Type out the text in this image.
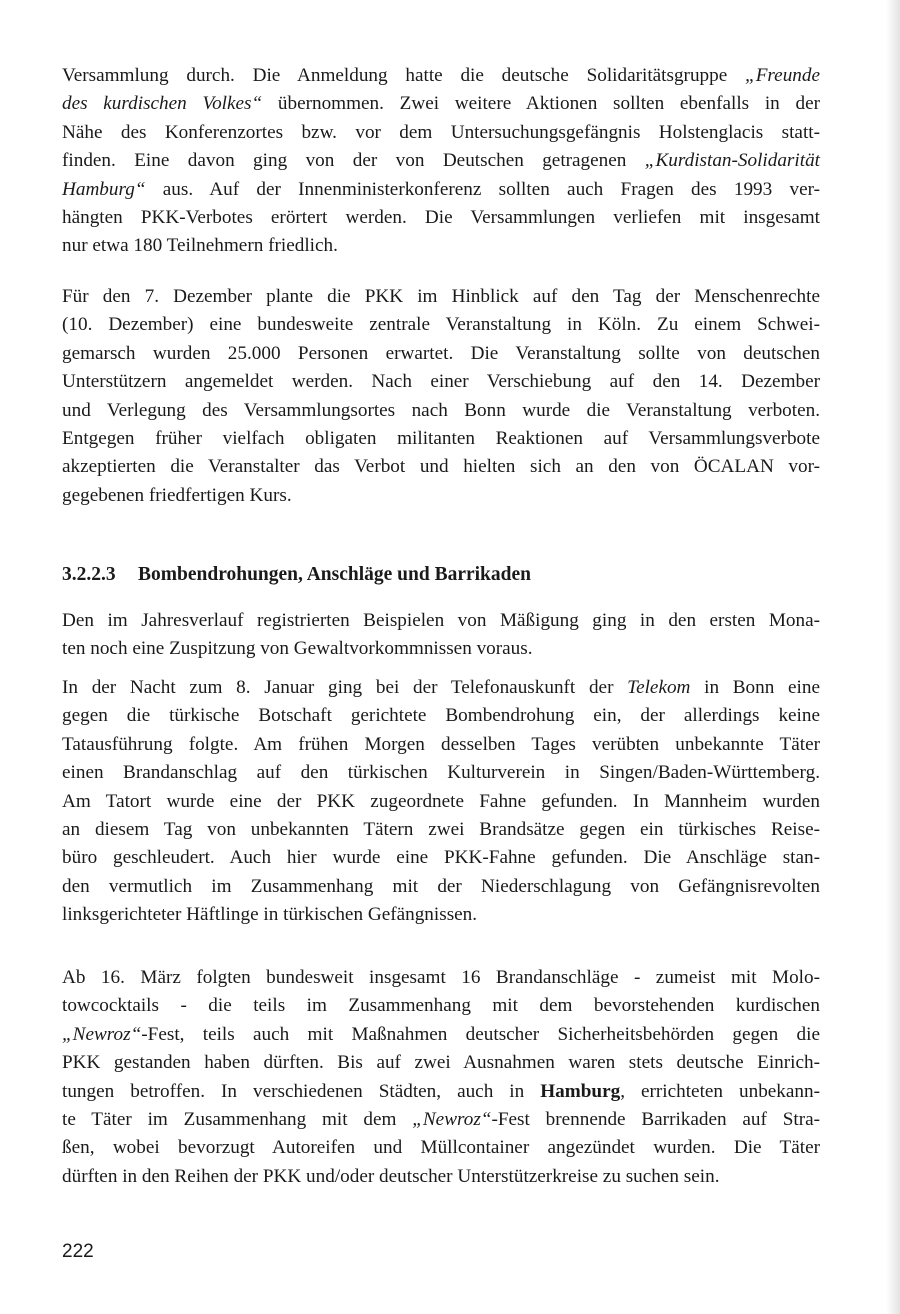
Versammlung durch. Die Anmeldung hatte die deutsche Solidaritätsgruppe „Freunde
des kurdischen Volkes“ übernommen. Zwei weitere Aktionen sollten ebenfalls in der
Nähe des Konferenzortes bzw. vor dem Untersuchungsgefängnis Holstenglacis statt-
finden. Eine davon ging von der von Deutschen getragenen „Kurdistan-Solidarität
Hamburg“ aus. Auf der Innenministerkonferenz sollten auch Fragen des 1993 ver-
hängten PKK-Verbotes erörtert werden. Die Versammlungen verliefen mit insgesamt
nur etwa 180 Teilnehmern friedlich.
Für den 7. Dezember plante die PKK im Hinblick auf den Tag der Menschenrechte
(10. Dezember) eine bundesweite zentrale Veranstaltung in Köln. Zu einem Schwei-
gemarsch wurden 25.000 Personen erwartet. Die Veranstaltung sollte von deutschen
Unterstützern angemeldet werden. Nach einer Verschiebung auf den 14. Dezember
und Verlegung des Versammlungsortes nach Bonn wurde die Veranstaltung verboten.
Entgegen früher vielfach obligaten militanten Reaktionen auf Versammlungsverbote
akzeptierten die Veranstalter das Verbot und hielten sich an den von ÖCALAN vor-
gegebenen friedfertigen Kurs.
3.2.2.3 Bombendrohungen, Anschläge und Barrikaden
Den im Jahresverlauf registrierten Beispielen von Mäßigung ging in den ersten Mona-
ten noch eine Zuspitzung von Gewaltvorkommnissen voraus.
In der Nacht zum 8. Januar ging bei der Telefonauskunft der Telekom in Bonn eine
gegen die türkische Botschaft gerichtete Bombendrohung ein, der allerdings keine
Tatausführung folgte. Am frühen Morgen desselben Tages verübten unbekannte Täter
einen Brandanschlag auf den türkischen Kulturverein in Singen/Baden-Württemberg.
Am Tatort wurde eine der PKK zugeordnete Fahne gefunden. In Mannheim wurden
an diesem Tag von unbekannten Tätern zwei Brandsätze gegen ein türkisches Reise-
büro geschleudert. Auch hier wurde eine PKK-Fahne gefunden. Die Anschläge stan-
den vermutlich im Zusammenhang mit der Niederschlagung von Gefängnisrevolten
linksgerichteter Häftlinge in türkischen Gefängnissen.
Ab 16. März folgten bundesweit insgesamt 16 Brandanschläge - zumeist mit Molo-
towcocktails - die teils im Zusammenhang mit dem bevorstehenden kurdischen
„Newroz“-Fest, teils auch mit Maßnahmen deutscher Sicherheitsbehörden gegen die
PKK gestanden haben dürften. Bis auf zwei Ausnahmen waren stets deutsche Einrich-
tungen betroffen. In verschiedenen Städten, auch in Hamburg, errichteten unbekann-
te Täter im Zusammenhang mit dem „Newroz“-Fest brennende Barrikaden auf Stra-
ßen, wobei bevorzugt Autoreifen und Müllcontainer angezündet wurden. Die Täter
dürften in den Reihen der PKK und/oder deutscher Unterstützerkreise zu suchen sein.
222
